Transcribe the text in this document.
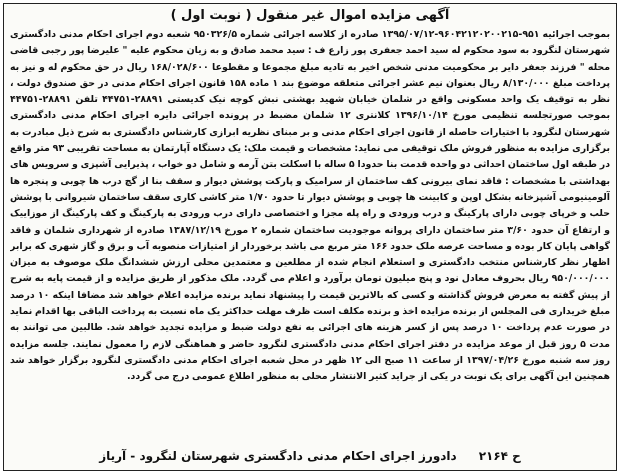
آگهی مزایده اموال غیر منقول ( نوبت اول )
بموجب اجرائیه ۹۵۱-۹۶۰۴۲۱۲۰۲۰۰۲۱۵-۱۳۹۵/۰۷/۱۲ صادره از کلاسه اجرائی شماره ۹۵۰۳۲۶/۵ شعبه دوم اجرای احکام مدنی دادگستری شهرستان لنگرود به سود محکوم له سید احمد جعفری پور زارع ف : سید محمد صادق و به زیان محکوم علیه " علیرضا پور رجبی قاضی محله " فرزند جعفر دایر بر محکومیت مدنی شخص اخیر به تادیه مبلغ مجموعا و مقطوعا ۱۶۸/۰۲۸/۶۰۰ ریال در حق محکوم له و نیز به پرداخت مبلغ ۸/۱۳۰/۰۰۰ ریال بعنوان نیم عشر اجرائی متعلقه موضوع بند ۱ ماده ۱۵۸ قانون اجرای احکام مدنی در حق صندوق دولت ، نظر به توقیف یک واحد مسکونی واقع در شلمان خیابان شهید بهشتی نبش کوچه نیک کدیستی ۲۸۸۹۱-۴۴۷۵۱ تلفن ۲۸۸۹۱-۴۴۷۵۱ بموجب صورتجلسه تنظیمی مورخ ۱۳۹۶/۱۰/۱۴ کلانتری ۱۲ شلمان مضبط در پرونده اجرائی دایره اجرای احکام مدنی دادگستری شهرستان لنگرود با اختیارات حاصله از قانون اجرای احکام مدنی و بر مبنای نظریه ابرازی کارشناس دادگستری به شرح ذیل مبادرت به برگزاری مزایده به منظور فروش ملک توقیفی می نماید: مشخصات و قیمت ملک: یک دستگاه آپارتمان به مساحت تقریبی ۹۳ متر واقع در طبقه اول ساختمان احداثی دو واحده قدمت بنا حدودا ۵ ساله با اسکلت بتن آرمه و شامل دو خواب ، پذیرایی آشپزی و سرویس های بهداشتی با مشخصات : فاقد نمای بیرونی کف ساختمان از سرامیک و پارکت پوشش دیوار و سقف بنا از گچ درب ها چوبی و پنجره ها آلومینیومی آشپزخانه بشکل اوپن و کابینت ها چوبی و پوشش دیوار تا حدود ۱/۷۰ متر کاشی کاری سقف ساختمان شیروانی با پوشش حلب و خرپای چوبی دارای پارکینگ و درب ورودی و راه پله مجزا و اختصاصی دارای درب ورودی به پارکینگ و کف پارکینگ از موزاییک و ارتفاع آن حدود ۳/۶۰ متر ساختمان دارای پروانه موجودیت ساختمان شماره ۲ مورخ ۱۳۸۷/۱۲/۱۹ صادره از شهرداری شلمان و فاقد گواهی پایان کار بوده و مساحت عرصه ملک حدود ۱۶۶ متر مربع می باشد برخوردار از امتیازات منصوبه آب و برق و گاز شهری که برابر اظهار نظر کارشناس منتخب دادگستری و استعلام انجام شده از مطلعین و معتمدین محلی ارزش ششدانگ ملک موصوف به میزان ۹۵۰/۰۰۰/۰۰۰ ریال بحروف معادل نود و پنج میلیون تومان برآورد و اعلام می گردد. ملک مذکور از طریق مزایده و از قیمت پایه به شرح از پیش گفته به معرض فروش گذاشته و کسی که بالاترین قیمت را پیشنهاد نماید برنده مزایده اعلام خواهد شد مضافا اینکه ۱۰ درصد مبلغ خریداری فی المجلس از برنده مزایده اخذ و برنده مکلف است ظرف مهلت حداکثر یک ماه نسبت به پرداخت الباقی بها اقدام نماید در صورت عدم پرداخت ۱۰ درصد پس از کسر هزینه های اجرائی به نفع دولت ضبط و مزایده تجدید خواهد شد. طالبین می توانند به مدت ۵ روز قبل از موعد مزایده در دفتر اجرای احکام مدنی دادگستری لنگرود حاضر و هماهنگی لازم را معمول نمایند. جلسه مزایده روز سه شنبه مورخ ۱۳۹۷/۰۴/۲۶ از ساعت ۱۱ صبح الی ۱۲ ظهر در محل شعبه اجرای احکام مدنی دادگستری لنگرود برگزار خواهد شد همچنین این آگهی برای یک نوبت در یکی از جراید کثیر الانتشار محلی به منظور اطلاع عمومی درج می گردد.
ح ۲۱۶۴
دادورز اجرای احکام مدنی دادگستری شهرستان لنگرود - آریاز
